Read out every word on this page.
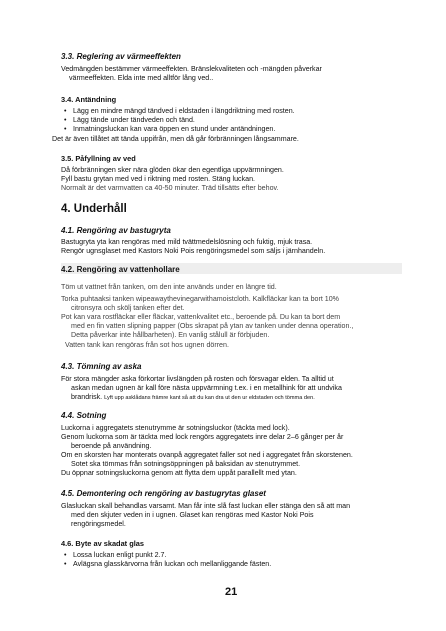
3.3. Reglering av värmeeffekten
Vedmängden bestämmer värmeeffekten. Bränslekvaliteten och -mängden påverkar
värmeeffekten. Elda inte med alltför lång ved..
3.4. Antändning
• Lägg en mindre mängd tändved i eldstaden i längdriktning med rosten.
• Lägg tände under tändveden och tänd.
• Inmatningsluckan kan vara öppen en stund under antändningen.
Det är även tillåtet att tända uppifrån, men då går förbränningen långsammare.
3.5. Påfyllning av ved
Då förbränningen sker nära glöden ökar den egentliga uppvärmningen.
Fyll bastu grytan med ved i riktning med rosten. Stäng luckan.
Normalt är det varmvatten ca 40-50 minuter. Träd tillsätts efter behov.
4. Underhåll
4.1. Rengöring av bastugryta
Bastugryta yta kan rengöras med mild tvättmedelslösning och fuktig, mjuk trasa.
Rengör ugnsglaset med Kastors Noki Pois rengöringsmedel som säljs i järnhandeln.
4.2. Rengöring av vattenhollare
Töm ut vattnet från tanken, om den inte används under en längre tid.
Torka puhtaaksi tanken wipeawaythevinegarwithamoistcloth. Kalkfläckar kan ta bort 10%
citronsyra och skölj tanken efter det.
Pot kan vara rostfläckar eller fläckar, vattenkvalitet etc., beroende på. Du kan ta bort dem
med en fin vatten slipning papper (Obs skrapat på ytan av tanken under denna operation.,
Detta påverkar inte hållbarheten). En vanlig stålull är förbjuden.
Vatten tank kan rengöras från sot hos ugnen dörren.
4.3. Tömning av aska
För stora mängder aska förkortar livslängden på rosten och försvagar elden. Ta alltid ut
askan medan ugnen är kall före nästa uppvärmning t.ex. i en metallhink för att undvika
brandrisk. Lyft upp asklådans främre kant så att du kan dra ut den ur eldstaden och tömma den.
4.4. Sotning
Luckorna i aggregatets stenutrymme är sotningsluckor (täckta med lock).
Genom luckorna som är täckta med lock rengörs aggregatets inre delar 2–6 gånger per år
beroende på användning.
Om en skorsten har monterats ovanpå aggregatet faller sot ned i aggregatet från skorstenen.
Sotet ska tömmas från sotningsöppningen på baksidan av stenutrymmet.
Du öppnar sotningsluckorna genom att flytta dem uppåt parallellt med ytan.
4.5. Demontering och rengöring av bastugrytas glaset
Glasluckan skall behandlas varsamt. Man får inte slå fast luckan eller stänga den så att man
med den skjuter veden in i ugnen. Glaset kan rengöras med Kastor Noki Pois
rengöringsmedel.
4.6. Byte av skadat glas
• Lossa luckan enligt punkt 2.7.
• Avlägsna glasskärvorna från luckan och mellanliggande fästen.
21
